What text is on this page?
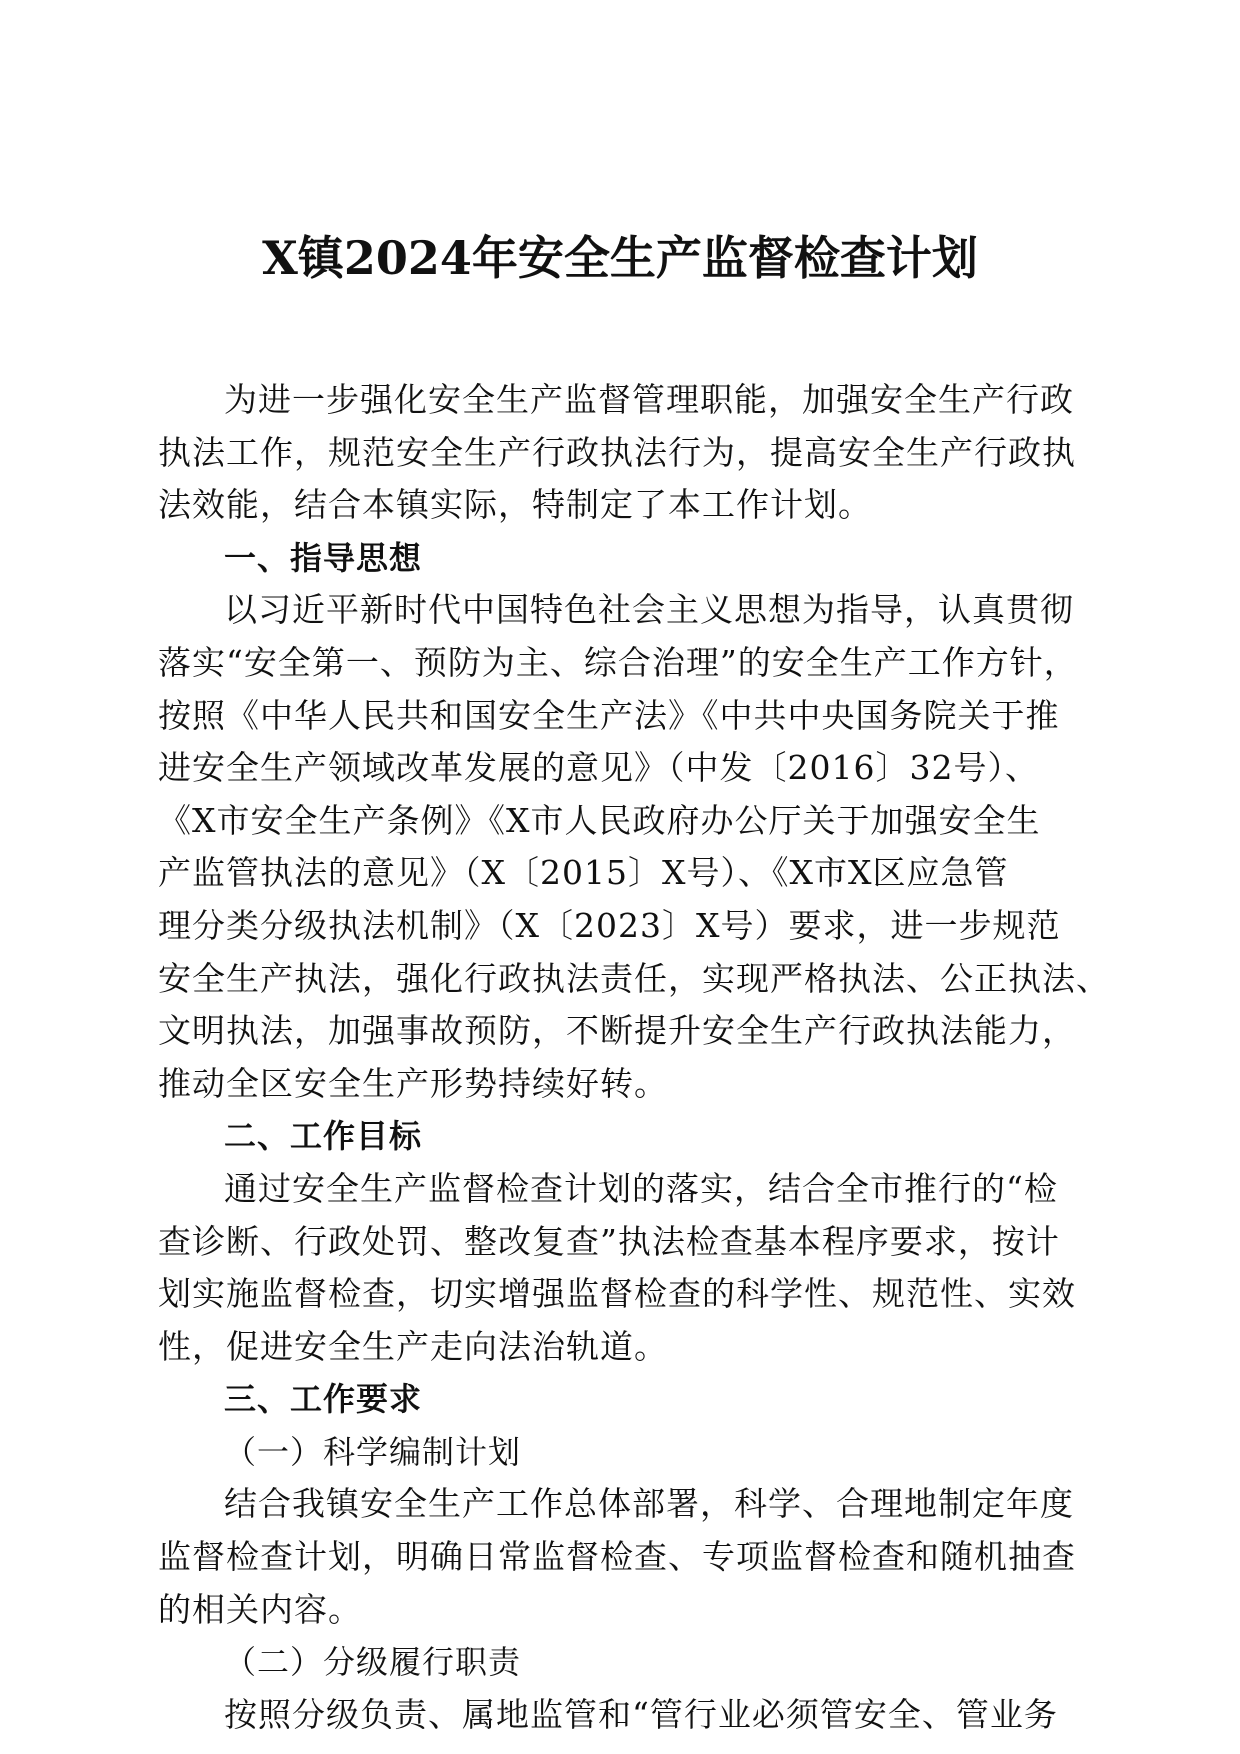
X镇2024年安全生产监督检查计划
为进一步强化安全生产监督管理职能，加强安全生产行政
执法工作，规范安全生产行政执法行为，提高安全生产行政执
法效能，结合本镇实际，特制定了本工作计划。
一、指导思想
以习近平新时代中国特色社会主义思想为指导，认真贯彻
落实“安全第一、预防为主、综合治理”的安全生产工作方针，
按照《中华人民共和国安全生产法》《中共中央国务院关于推
进安全生产领域改革发展的意见》（中发〔2016〕32号）、
《X市安全生产条例》《X市人民政府办公厅关于加强安全生
产监管执法的意见》（X〔2015〕X号）、《X市X区应急管
理分类分级执法机制》（X〔2023〕X号）要求，进一步规范
安全生产执法，强化行政执法责任，实现严格执法、公正执法、
文明执法，加强事故预防，不断提升安全生产行政执法能力，
推动全区安全生产形势持续好转。
二、工作目标
通过安全生产监督检查计划的落实，结合全市推行的“检
查诊断、行政处罚、整改复查”执法检查基本程序要求，按计
划实施监督检查，切实增强监督检查的科学性、规范性、实效
性，促进安全生产走向法治轨道。
三、工作要求
（一）科学编制计划
结合我镇安全生产工作总体部署，科学、合理地制定年度
监督检查计划，明确日常监督检查、专项监督检查和随机抽查
的相关内容。
（二）分级履行职责
按照分级负责、属地监管和“管行业必须管安全、管业务
